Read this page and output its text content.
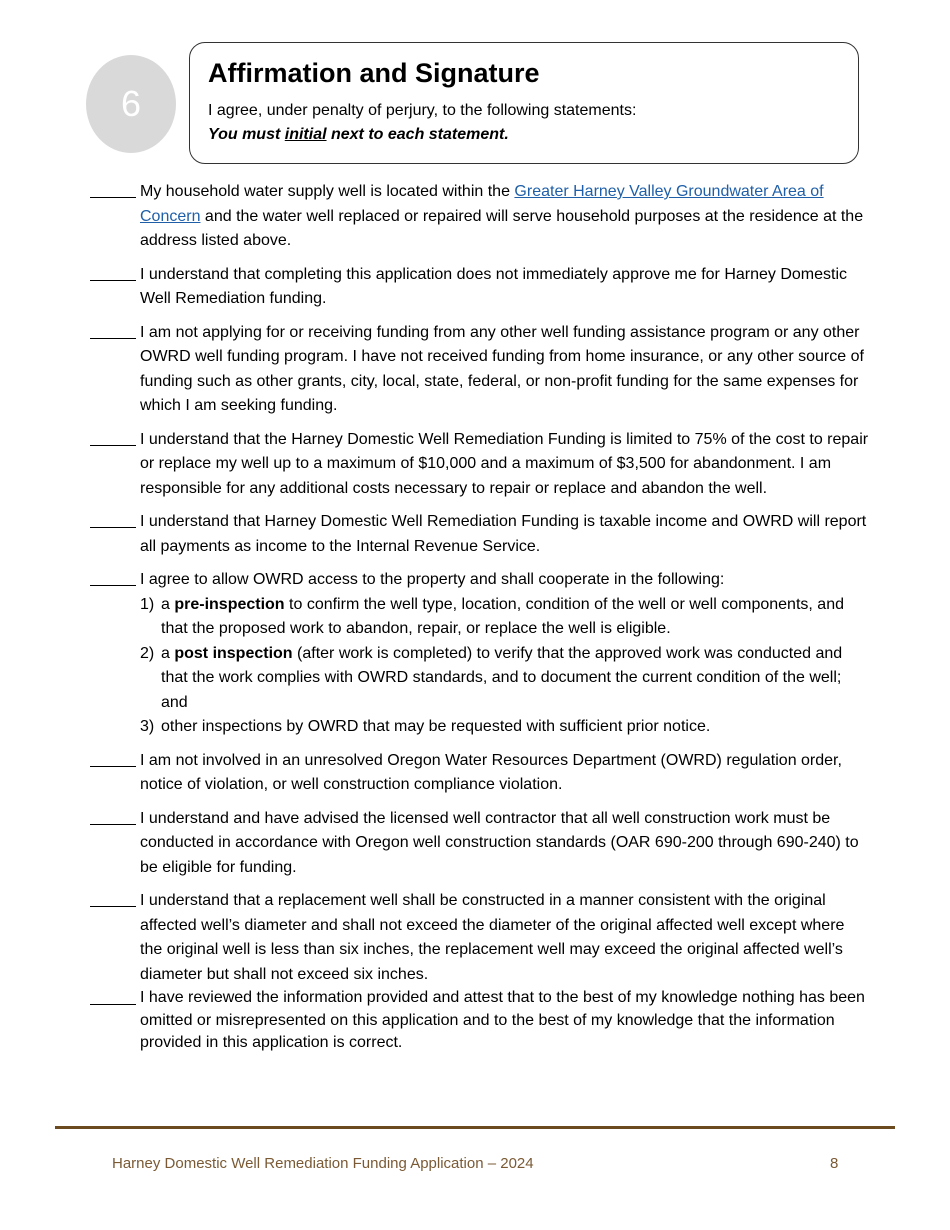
6
Affirmation and Signature

I agree, under penalty of perjury, to the following statements:

You must initial next to each statement.

My household water supply well is located within the Greater Harney Valley Groundwater Area of Concern and the water well replaced or repaired will serve household purposes at the residence at the address listed above.
I understand that completing this application does not immediately approve me for Harney Domestic Well Remediation funding.
I am not applying for or receiving funding from any other well funding assistance program or any other OWRD well funding program. I have not received funding from home insurance, or any other source of funding such as other grants, city, local, state, federal, or non-profit funding for the same expenses for which I am seeking funding.
I understand that the Harney Domestic Well Remediation Funding is limited to 75% of the cost to repair or replace my well up to a maximum of $10,000 and a maximum of $3,500 for abandonment. I am responsible for any additional costs necessary to repair or replace and abandon the well.
I understand that Harney Domestic Well Remediation Funding is taxable income and OWRD will report all payments as income to the Internal Revenue Service.
I agree to allow OWRD access to the property and shall cooperate in the following:
1) a pre-inspection to confirm the well type, location, condition of the well or well components, and that the proposed work to abandon, repair, or replace the well is eligible.
2) a post inspection (after work is completed) to verify that the approved work was conducted and that the work complies with OWRD standards, and to document the current condition of the well; and
3) other inspections by OWRD that may be requested with sufficient prior notice.
I am not involved in an unresolved Oregon Water Resources Department (OWRD) regulation order, notice of violation, or well construction compliance violation.
I understand and have advised the licensed well contractor that all well construction work must be conducted in accordance with Oregon well construction standards (OAR 690-200 through 690-240) to be eligible for funding.
I understand that a replacement well shall be constructed in a manner consistent with the original affected well’s diameter and shall not exceed the diameter of the original affected well except where the original well is less than six inches, the replacement well may exceed the original affected well’s diameter but shall not exceed six inches.
I have reviewed the information provided and attest that to the best of my knowledge nothing has been omitted or misrepresented on this application and to the best of my knowledge that the information provided in this application is correct.
Harney Domestic Well Remediation Funding Application – 2024	8
